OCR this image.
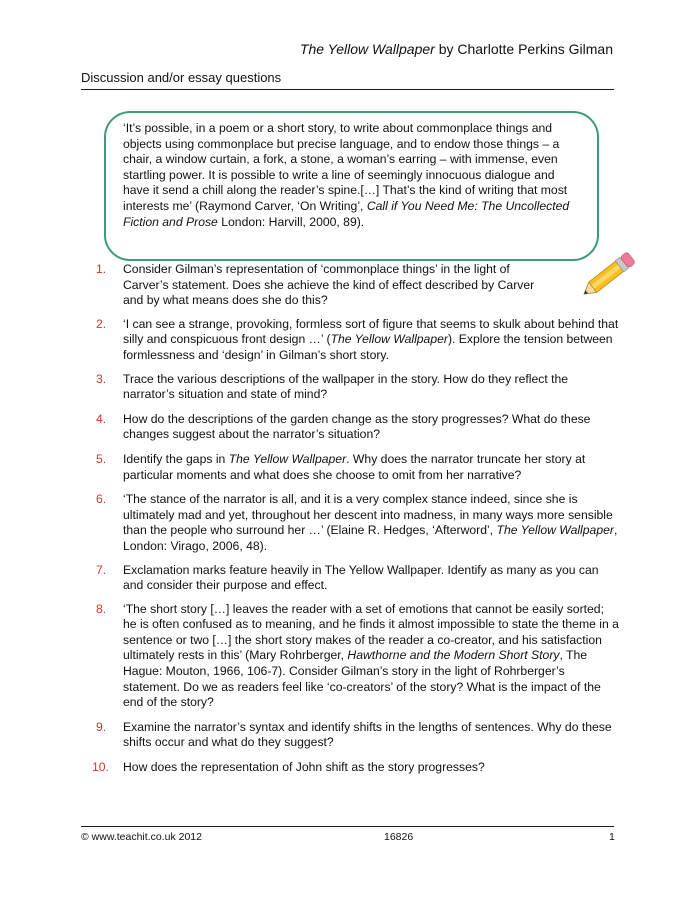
The Yellow Wallpaper by Charlotte Perkins Gilman
Discussion and/or essay questions
‘It’s possible, in a poem or a short story, to write about commonplace things and objects using commonplace but precise language, and to endow those things – a chair, a window curtain, a fork, a stone, a woman’s earring – with immense, even startling power. It is possible to write a line of seemingly innocuous dialogue and have it send a chill along the reader’s spine.[…] That’s the kind of writing that most interests me’ (Raymond Carver, ‘On Writing’, Call if You Need Me: The Uncollected Fiction and Prose London: Harvill, 2000, 89).
1.	Consider Gilman’s representation of ‘commonplace things’ in the light of Carver’s statement. Does she achieve the kind of effect described by Carver and by what means does she do this?
2.	‘I can see a strange, provoking, formless sort of figure that seems to skulk about behind that silly and conspicuous front design …’ (The Yellow Wallpaper). Explore the tension between formlessness and ‘design’ in Gilman’s short story.
3.	Trace the various descriptions of the wallpaper in the story. How do they reflect the narrator’s situation and state of mind?
4.	How do the descriptions of the garden change as the story progresses? What do these changes suggest about the narrator’s situation?
5.	Identify the gaps in The Yellow Wallpaper. Why does the narrator truncate her story at particular moments and what does she choose to omit from her narrative?
6.	‘The stance of the narrator is all, and it is a very complex stance indeed, since she is ultimately mad and yet, throughout her descent into madness, in many ways more sensible than the people who surround her …’ (Elaine R. Hedges, ‘Afterword’, The Yellow Wallpaper, London: Virago, 2006, 48).
7.	Exclamation marks feature heavily in The Yellow Wallpaper. Identify as many as you can and consider their purpose and effect.
8.	‘The short story […] leaves the reader with a set of emotions that cannot be easily sorted; he is often confused as to meaning, and he finds it almost impossible to state the theme in a sentence or two […] the short story makes of the reader a co-creator, and his satisfaction ultimately rests in this’ (Mary Rohrberger, Hawthorne and the Modern Short Story, The Hague: Mouton, 1966, 106-7). Consider Gilman’s story in the light of Rohrberger’s statement. Do we as readers feel like ‘co-creators’ of the story? What is the impact of the end of the story?
9.	Examine the narrator’s syntax and identify shifts in the lengths of sentences. Why do these shifts occur and what do they suggest?
10.	How does the representation of John shift as the story progresses?
© www.teachit.co.uk 2012	16826	1
